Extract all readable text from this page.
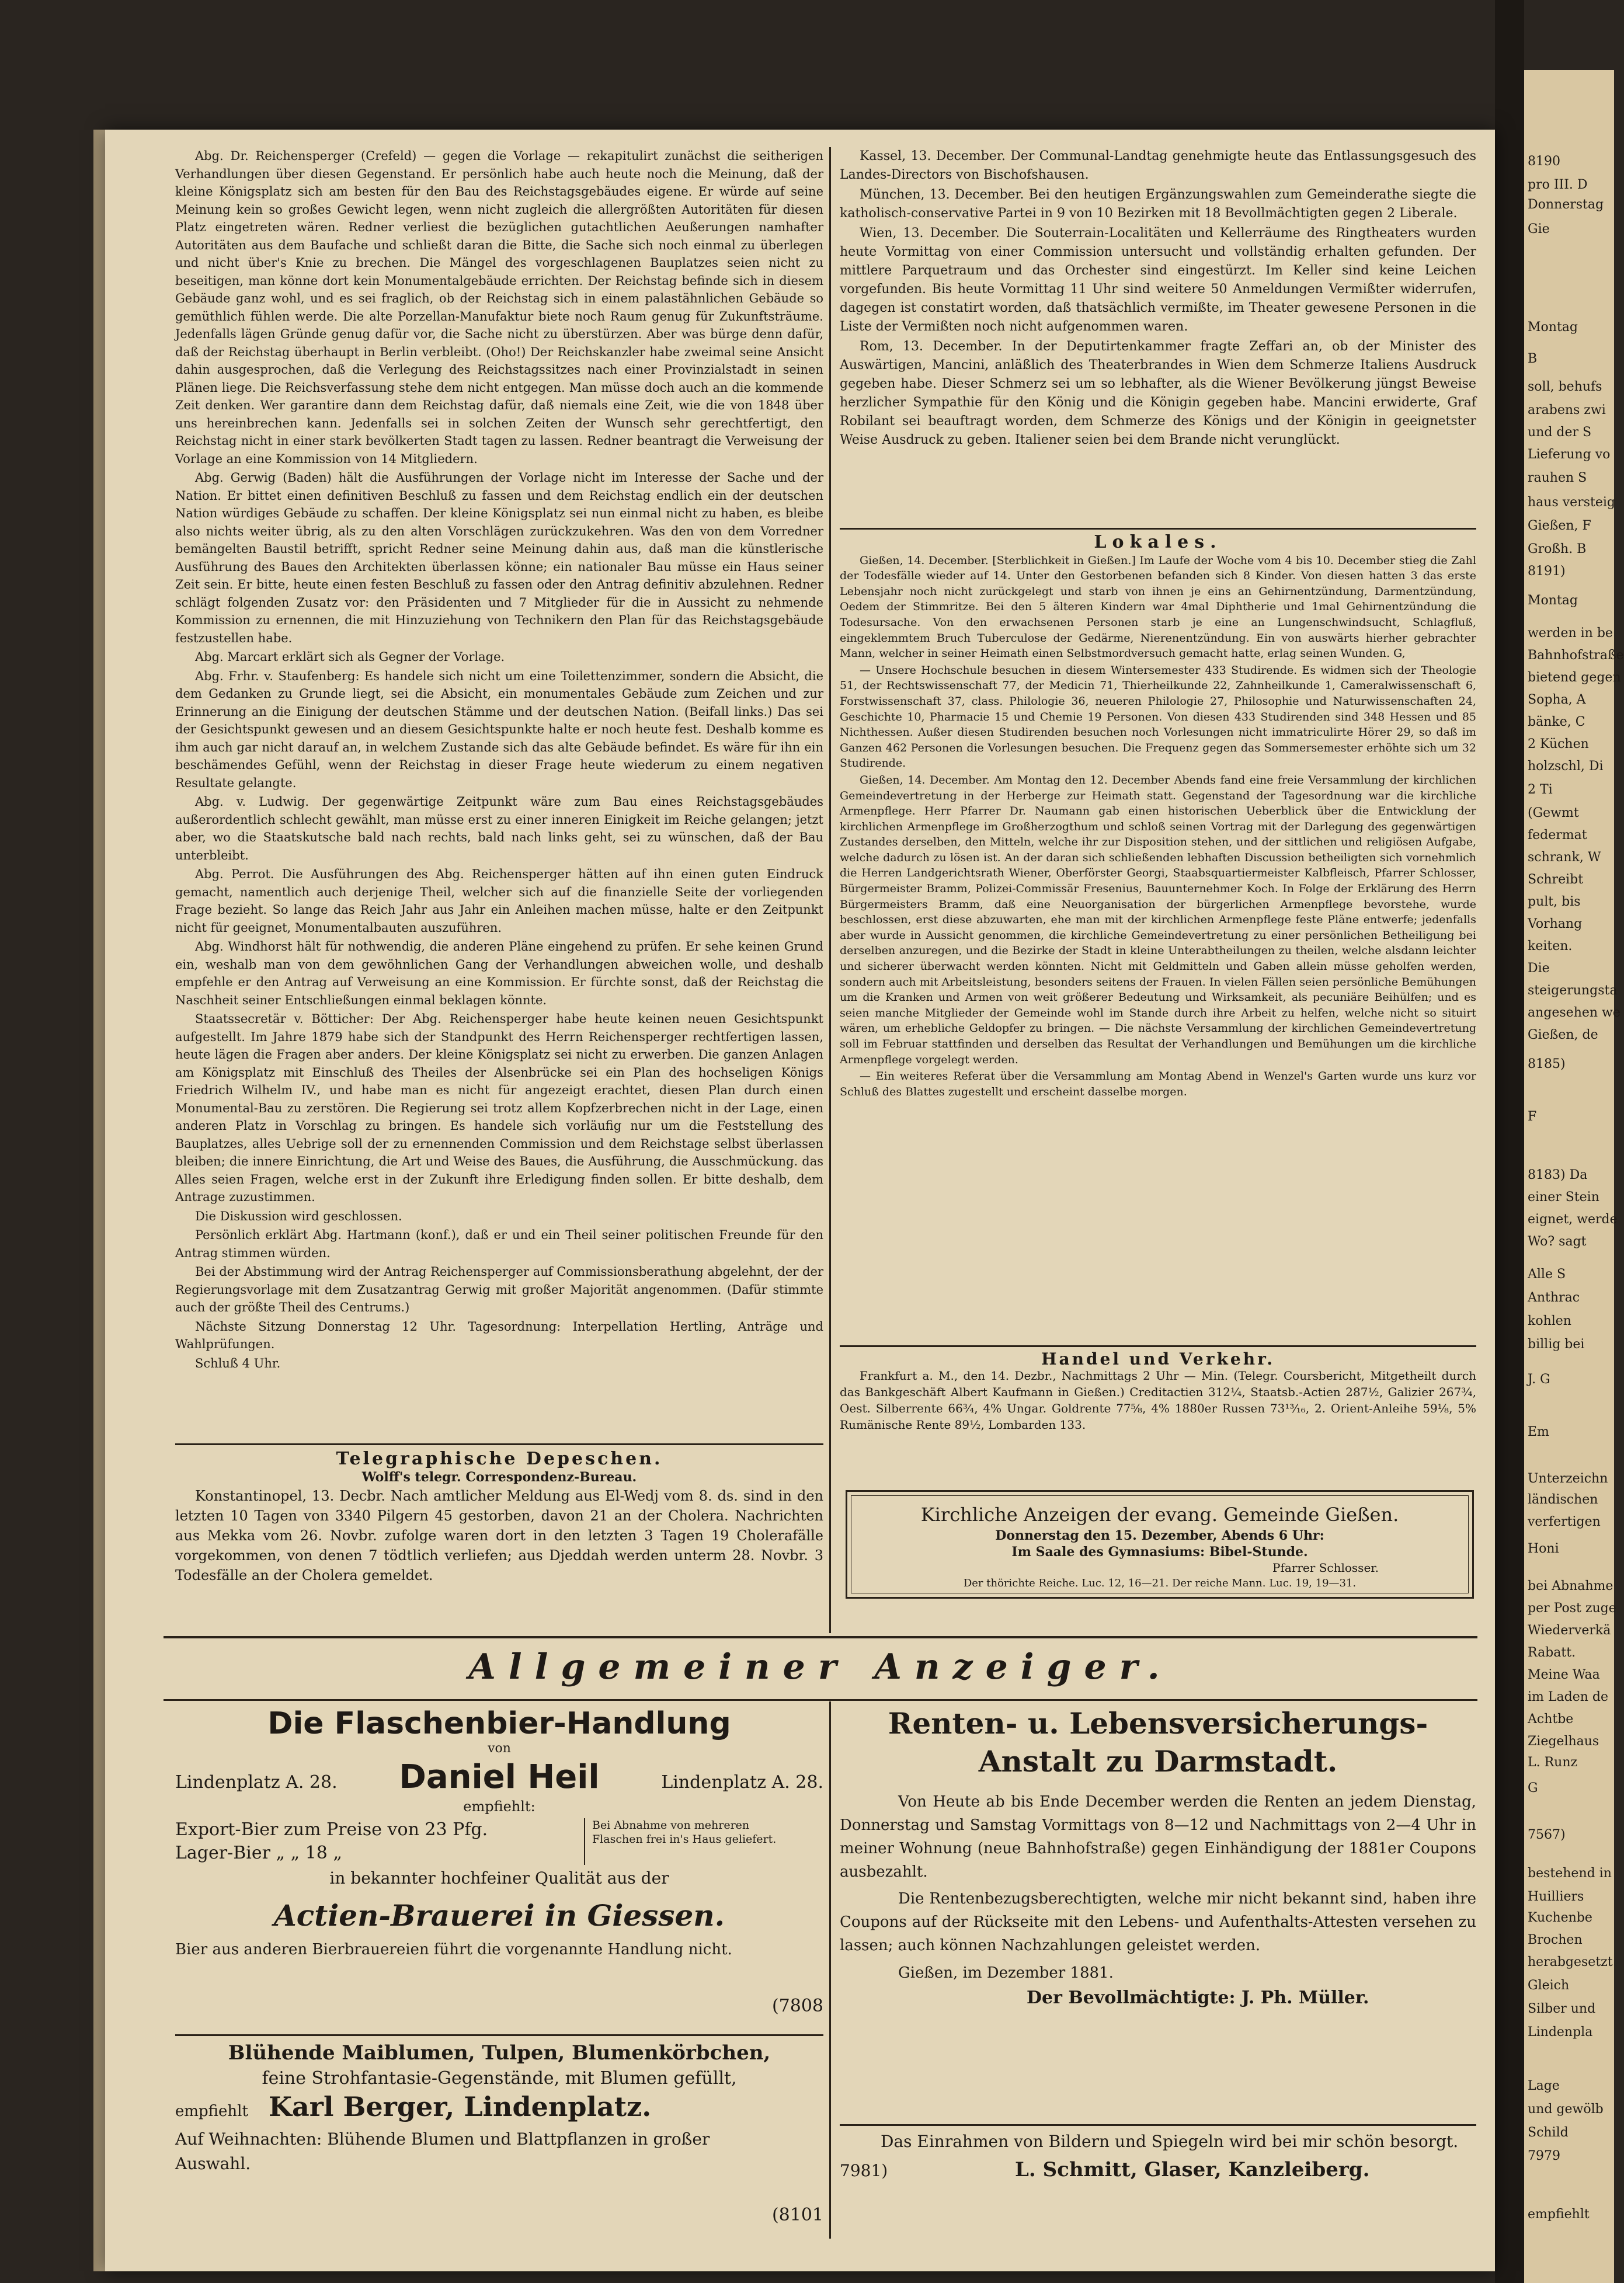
Abg. Dr. Reichensperger (Crefeld) — gegen die Vorlage — rekapitulirt zunächst die seitherigen Verhandlungen über diesen Gegenstand. Er persönlich habe auch heute noch die Meinung, daß der kleine Königsplatz sich am besten für den Bau des Reichstagsgebäudes eigene. Er würde auf seine Meinung kein so großes Gewicht legen, wenn nicht zugleich die allergrößten Autoritäten für diesen Platz eingetreten wären. Redner verliest die bezüglichen gutachtlichen Aeußerungen namhafter Autoritäten aus dem Baufache und schließt daran die Bitte, die Sache sich noch einmal zu überlegen und nicht über's Knie zu brechen. Die Mängel des vorgeschlagenen Bauplatzes seien nicht zu beseitigen, man könne dort kein Monumentalgebäude errichten. Der Reichstag befinde sich in diesem Gebäude ganz wohl, und es sei fraglich, ob der Reichstag sich in einem palastähnlichen Gebäude so gemüthlich fühlen werde. Die alte Porzellan-Manufaktur biete noch Raum genug für Zukunftsträume. Jedenfalls lägen Gründe genug dafür vor, die Sache nicht zu überstürzen. Aber was bürge denn dafür, daß der Reichstag überhaupt in Berlin verbleibt. (Oho!) Der Reichskanzler habe zweimal seine Ansicht dahin ausgesprochen, daß die Verlegung des Reichstagssitzes nach einer Provinzialstadt in seinen Plänen liege. Die Reichsverfassung stehe dem nicht entgegen. Man müsse doch auch an die kommende Zeit denken. Wer garantire dann dem Reichstag dafür, daß niemals eine Zeit, wie die von 1848 über uns hereinbrechen kann. Jedenfalls sei in solchen Zeiten der Wunsch sehr gerechtfertigt, den Reichstag nicht in einer stark bevölkerten Stadt tagen zu lassen. Redner beantragt die Verweisung der Vorlage an eine Kommission von 14 Mitgliedern.

Abg. Gerwig (Baden) hält die Ausführungen der Vorlage nicht im Interesse der Sache und der Nation. Er bittet einen definitiven Beschluß zu fassen und dem Reichstag endlich ein der deutschen Nation würdiges Gebäude zu schaffen. Der kleine Königsplatz sei nun einmal nicht zu haben, es bleibe also nichts weiter übrig, als zu den alten Vorschlägen zurückzukehren. Was den von dem Vorredner bemängelten Baustil betrifft, spricht Redner seine Meinung dahin aus, daß man die künstlerische Ausführung des Baues den Architekten überlassen könne; ein nationaler Bau müsse ein Haus seiner Zeit sein. Er bitte, heute einen festen Beschluß zu fassen oder den Antrag definitiv abzulehnen. Redner schlägt folgenden Zusatz vor: den Präsidenten und 7 Mitglieder für die in Aussicht zu nehmende Kommission zu ernennen, die mit Hinzuziehung von Technikern den Plan für das Reichstagsgebäude festzustellen habe.

Abg. Marcart erklärt sich als Gegner der Vorlage.

Abg. Frhr. v. Staufenberg: Es handele sich nicht um eine Toilettenzimmer, sondern die Absicht, die dem Gedanken zu Grunde liegt, sei die Absicht, ein monumentales Gebäude zum Zeichen und zur Erinnerung an die Einigung der deutschen Stämme und der deutschen Nation. (Beifall links.) Das sei der Gesichtspunkt gewesen und an diesem Gesichtspunkte halte er noch heute fest. Deshalb komme es ihm auch gar nicht darauf an, in welchem Zustande sich das alte Gebäude befindet. Es wäre für ihn ein beschämendes Gefühl, wenn der Reichstag in dieser Frage heute wiederum zu einem negativen Resultate gelangte.

Abg. v. Ludwig. Der gegenwärtige Zeitpunkt wäre zum Bau eines Reichstagsgebäudes außerordentlich schlecht gewählt, man müsse erst zu einer inneren Einigkeit im Reiche gelangen; jetzt aber, wo die Staatskutsche bald nach rechts, bald nach links geht, sei zu wünschen, daß der Bau unterbleibt.

Abg. Perrot. Die Ausführungen des Abg. Reichensperger hätten auf ihn einen guten Eindruck gemacht, namentlich auch derjenige Theil, welcher sich auf die finanzielle Seite der vorliegenden Frage bezieht. So lange das Reich Jahr aus Jahr ein Anleihen machen müsse, halte er den Zeitpunkt nicht für geeignet, Monumentalbauten auszuführen.

Abg. Windhorst hält für nothwendig, die anderen Pläne eingehend zu prüfen. Er sehe keinen Grund ein, weshalb man von dem gewöhnlichen Gang der Verhandlungen abweichen wolle, und deshalb empfehle er den Antrag auf Verweisung an eine Kommission. Er fürchte sonst, daß der Reichstag die Naschheit seiner Entschließungen einmal beklagen könnte.

Staatssecretär v. Bötticher: Der Abg. Reichensperger habe heute keinen neuen Gesichtspunkt aufgestellt. Im Jahre 1879 habe sich der Standpunkt des Herrn Reichensperger rechtfertigen lassen, heute lägen die Fragen aber anders. Der kleine Königsplatz sei nicht zu erwerben. Die ganzen Anlagen am Königsplatz mit Einschluß des Theiles der Alsenbrücke sei ein Plan des hochseligen Königs Friedrich Wilhelm IV., und habe man es nicht für angezeigt erachtet, diesen Plan durch einen Monumental-Bau zu zerstören. Die Regierung sei trotz allem Kopfzerbrechen nicht in der Lage, einen anderen Platz in Vorschlag zu bringen. Es handele sich vorläufig nur um die Feststellung des Bauplatzes, alles Uebrige soll der zu ernennenden Commission und dem Reichstage selbst überlassen bleiben; die innere Einrichtung, die Art und Weise des Baues, die Ausführung, die Ausschmückung. das Alles seien Fragen, welche erst in der Zukunft ihre Erledigung finden sollen. Er bitte deshalb, dem Antrage zuzustimmen.

Die Diskussion wird geschlossen.

Persönlich erklärt Abg. Hartmann (konf.), daß er und ein Theil seiner politischen Freunde für den Antrag stimmen würden.

Bei der Abstimmung wird der Antrag Reichensperger auf Commissionsberathung abgelehnt, der der Regierungsvorlage mit dem Zusatzantrag Gerwig mit großer Majorität angenommen. (Dafür stimmte auch der größte Theil des Centrums.)

Nächste Sitzung Donnerstag 12 Uhr. Tagesordnung: Interpellation Hertling, Anträge und Wahlprüfungen.

Schluß 4 Uhr.

Telegraphische Depeschen.
Wolff's telegr. Correspondenz-Bureau.

Konstantinopel, 13. Decbr. Nach amtlicher Meldung aus El-Wedj vom 8. ds. sind in den letzten 10 Tagen von 3340 Pilgern 45 gestorben, davon 21 an der Cholera. Nachrichten aus Mekka vom 26. Novbr. zufolge waren dort in den letzten 3 Tagen 19 Cholerafälle vorgekommen, von denen 7 tödtlich verliefen; aus Djeddah werden unterm 28. Novbr. 3 Todesfälle an der Cholera gemeldet.

Kassel, 13. December. Der Communal-Landtag genehmigte heute das Entlassungsgesuch des Landes-Directors von Bischofshausen.

München, 13. December. Bei den heutigen Ergänzungswahlen zum Gemeinderathe siegte die katholisch-conservative Partei in 9 von 10 Bezirken mit 18 Bevollmächtigten gegen 2 Liberale.

Wien, 13. December. Die Souterrain-Localitäten und Kellerräume des Ringtheaters wurden heute Vormittag von einer Commission untersucht und vollständig erhalten gefunden. Der mittlere Parquetraum und das Orchester sind eingestürzt. Im Keller sind keine Leichen vorgefunden. Bis heute Vormittag 11 Uhr sind weitere 50 Anmeldungen Vermißter widerrufen, dagegen ist constatirt worden, daß thatsächlich vermißte, im Theater gewesene Personen in die Liste der Vermißten noch nicht aufgenommen waren.

Rom, 13. December. In der Deputirtenkammer fragte Zeffari an, ob der Minister des Auswärtigen, Mancini, anläßlich des Theaterbrandes in Wien dem Schmerze Italiens Ausdruck gegeben habe. Dieser Schmerz sei um so lebhafter, als die Wiener Bevölkerung jüngst Beweise herzlicher Sympathie für den König und die Königin gegeben habe. Mancini erwiderte, Graf Robilant sei beauftragt worden, dem Schmerze des Königs und der Königin in geeignetster Weise Ausdruck zu geben. Italiener seien bei dem Brande nicht verunglückt.

Lokales.

Gießen, 14. December. [Sterblichkeit in Gießen.] Im Laufe der Woche vom 4 bis 10. December stieg die Zahl der Todesfälle wieder auf 14. Unter den Gestorbenen befanden sich 8 Kinder. Von diesen hatten 3 das erste Lebensjahr noch nicht zurückgelegt und starb von ihnen je eins an Gehirnentzündung, Darmentzündung, Oedem der Stimmritze. Bei den 5 älteren Kindern war 4mal Diphtherie und 1mal Gehirnentzündung die Todesursache. Von den erwachsenen Personen starb je eine an Lungenschwindsucht, Schlagfluß, eingeklemmtem Bruch Tuberculose der Gedärme, Nierenentzündung. Ein von auswärts hierher gebrachter Mann, welcher in seiner Heimath einen Selbstmordversuch gemacht hatte, erlag seinen Wunden. G,

— Unsere Hochschule besuchen in diesem Wintersemester 433 Studirende. Es widmen sich der Theologie 51, der Rechtswissenschaft 77, der Medicin 71, Thierheilkunde 22, Zahnheilkunde 1, Cameralwissenschaft 6, Forstwissenschaft 37, class. Philologie 36, neueren Philologie 27, Philosophie und Naturwissenschaften 24, Geschichte 10, Pharmacie 15 und Chemie 19 Personen. Von diesen 433 Studirenden sind 348 Hessen und 85 Nichthessen. Außer diesen Studirenden besuchen noch Vorlesungen nicht immatriculirte Hörer 29, so daß im Ganzen 462 Personen die Vorlesungen besuchen. Die Frequenz gegen das Sommersemester erhöhte sich um 32 Studirende.

Gießen, 14. December. Am Montag den 12. December Abends fand eine freie Versammlung der kirchlichen Gemeindevertretung in der Herberge zur Heimath statt. Gegenstand der Tagesordnung war die kirchliche Armenpflege. Herr Pfarrer Dr. Naumann gab einen historischen Ueberblick über die Entwicklung der kirchlichen Armenpflege im Großherzogthum und schloß seinen Vortrag mit der Darlegung des gegenwärtigen Zustandes derselben, den Mitteln, welche ihr zur Disposition stehen, und der sittlichen und religiösen Aufgabe, welche dadurch zu lösen ist. An der daran sich schließenden lebhaften Discussion betheiligten sich vornehmlich die Herren Landgerichtsrath Wiener, Oberförster Georgi, Staabsquartiermeister Kalbfleisch, Pfarrer Schlosser, Bürgermeister Bramm, Polizei-Commissär Fresenius, Bauunternehmer Koch. In Folge der Erklärung des Herrn Bürgermeisters Bramm, daß eine Neuorganisation der bürgerlichen Armenpflege bevorstehe, wurde beschlossen, erst diese abzuwarten, ehe man mit der kirchlichen Armenpflege feste Pläne entwerfe; jedenfalls aber wurde in Aussicht genommen, die kirchliche Gemeindevertretung zu einer persönlichen Betheiligung bei derselben anzuregen, und die Bezirke der Stadt in kleine Unterabtheilungen zu theilen, welche alsdann leichter und sicherer überwacht werden könnten. Nicht mit Geldmitteln und Gaben allein müsse geholfen werden, sondern auch mit Arbeitsleistung, besonders seitens der Frauen. In vielen Fällen seien persönliche Bemühungen um die Kranken und Armen von weit größerer Bedeutung und Wirksamkeit, als pecuniäre Beihülfen; und es seien manche Mitglieder der Gemeinde wohl im Stande durch ihre Arbeit zu helfen, welche nicht so situirt wären, um erhebliche Geldopfer zu bringen. — Die nächste Versammlung der kirchlichen Gemeindevertretung soll im Februar stattfinden und derselben das Resultat der Verhandlungen und Bemühungen um die kirchliche Armenpflege vorgelegt werden.

— Ein weiteres Referat über die Versammlung am Montag Abend in Wenzel's Garten wurde uns kurz vor Schluß des Blattes zugestellt und erscheint dasselbe morgen.

Handel und Verkehr.

Frankfurt a. M., den 14. Dezbr., Nachmittags 2 Uhr — Min. (Telegr. Coursbericht, Mitgetheilt durch das Bankgeschäft Albert Kaufmann in Gießen.) Creditactien 312¼, Staatsb.-Actien 287½, Galizier 267¾, Oest. Silberrente 66¾, 4% Ungar. Goldrente 77⅝, 4% 1880er Russen 73¹³⁄₁₆, 2. Orient-Anleihe 59⅛, 5% Rumänische Rente 89½, Lombarden 133.

Kirchliche Anzeigen der evang. Gemeinde Gießen.
Donnerstag den 15. Dezember, Abends 6 Uhr:
Im Saale des Gymnasiums: Bibel-Stunde.
Pfarrer Schlosser.
Der thörichte Reiche. Luc. 12, 16—21. Der reiche Mann. Luc. 19, 19—31.
Allgemeiner Anzeiger.
Die Flaschenbier-Handlung
von
Lindenplatz A. 28. Daniel Heil	Lindenplatz A. 28.
empfiehlt:
Export-Bier zum Preise von 23 Pfg.
Lager-Bier „ „ 18 „
Bei Abnahme von mehreren Flaschen frei in's Haus geliefert.
in bekannter hochfeiner Qualität aus der
Actien-Brauerei in Giessen.
Bier aus anderen Bierbrauereien führt die vorgenannte Handlung nicht.
(7808
Blühende Maiblumen, Tulpen, Blumenkörbchen,
feine Strohfantasie-Gegenstände, mit Blumen gefüllt,
empfiehlt Karl Berger, Lindenplatz.
Auf Weihnachten: Blühende Blumen und Blattpflanzen in großer Auswahl.
(8101
Renten- u. Lebensversicherungs-
Anstalt zu Darmstadt.

Von Heute ab bis Ende December werden die Renten an jedem Dienstag, Donnerstag und Samstag Vormittags von 8—12 und Nachmittags von 2—4 Uhr in meiner Wohnung (neue Bahnhofstraße) gegen Einhändigung der 1881er Coupons ausbezahlt.

Die Rentenbezugsberechtigten, welche mir nicht bekannt sind, haben ihre Coupons auf der Rückseite mit den Lebens- und Aufenthalts-Attesten versehen zu lassen; auch können Nachzahlungen geleistet werden.

Gießen, im Dezember 1881.
Der Bevollmächtigte: J. Ph. Müller.
Das Einrahmen von Bildern und Spiegeln wird bei mir schön besorgt.
7981)	L. Schmitt, Glaser, Kanzleiberg.
8190
pro III. D
Donnerstag
Gie
Montag
B
soll, behufs
arabens zwi
und der S
Lieferung vo
rauhen S
haus versteig
Gießen, F
Großh. B
8191)
Montag
werden in be
Bahnhofstraße
bietend gegen
Sopha, A
bänke, C
2 Küchen
holzschl, Di
2 Ti
(Gewmt
federmat
schrank, W
Schreibt
pult, bis
Vorhang
keiten.
Die
steigerungsta
angesehen we
Gießen, de
8185)
F
8183) Da
einer Stein
eignet, werde
Wo? sagt
Alle S
Anthrac
kohlen
billig bei
J. G
Em
Unterzeichn
ländischen
verfertigen
Honi
bei Abnahme
per Post zuge
Wiederverkä
Rabatt.
Meine Waa
im Laden de
Achtbe
Ziegelhaus
L. Runz
G
7567)
bestehend in
Huilliers
Kuchenbe
Brochen
herabgesetzt
Gleich
Silber und
Lindenpla
Lage
und gewölb
Schild
7979
empfiehlt
